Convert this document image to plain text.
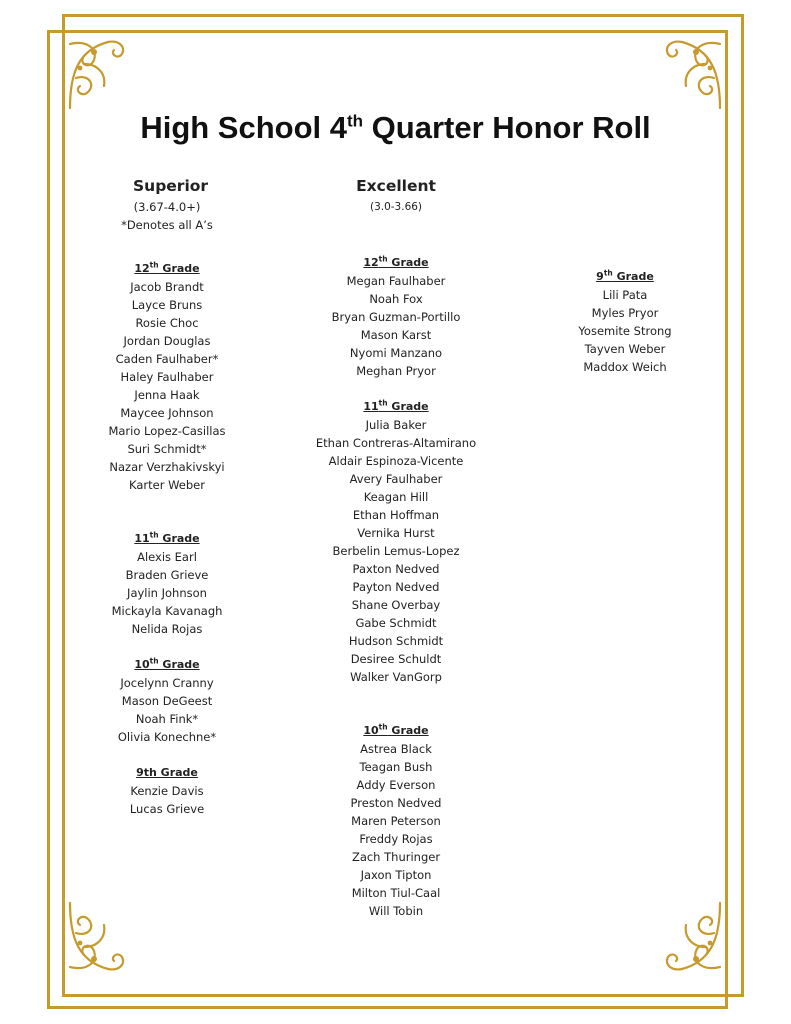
High School 4th Quarter Honor Roll
Superior
(3.67-4.0+)
*Denotes all A’s
12th Grade
Jacob Brandt
Layce Bruns
Rosie Choc
Jordan Douglas
Caden Faulhaber*
Haley Faulhaber
Jenna Haak
Maycee Johnson
Mario Lopez-Casillas
Suri Schmidt*
Nazar Verzhakivskyi
Karter Weber
11th Grade
Alexis Earl
Braden Grieve
Jaylin Johnson
Mickayla Kavanagh
Nelida Rojas
10th Grade
Jocelynn Cranny
Mason DeGeest
Noah Fink*
Olivia Konechne*
9th Grade
Kenzie Davis
Lucas Grieve
Excellent
(3.0-3.66)
12th Grade
Megan Faulhaber
Noah Fox
Bryan Guzman-Portillo
Mason Karst
Nyomi Manzano
Meghan Pryor
11th Grade
Julia Baker
Ethan Contreras-Altamirano
Aldair Espinoza-Vicente
Avery Faulhaber
Keagan Hill
Ethan Hoffman
Vernika Hurst
Berbelin Lemus-Lopez
Paxton Nedved
Payton Nedved
Shane Overbay
Gabe Schmidt
Hudson Schmidt
Desiree Schuldt
Walker VanGorp
10th Grade
Astrea Black
Teagan Bush
Addy Everson
Preston Nedved
Maren Peterson
Freddy Rojas
Zach Thuringer
Jaxon Tipton
Milton Tiul-Caal
Will Tobin
9th Grade
Lili Pata
Myles Pryor
Yosemite Strong
Tayven Weber
Maddox Weich
